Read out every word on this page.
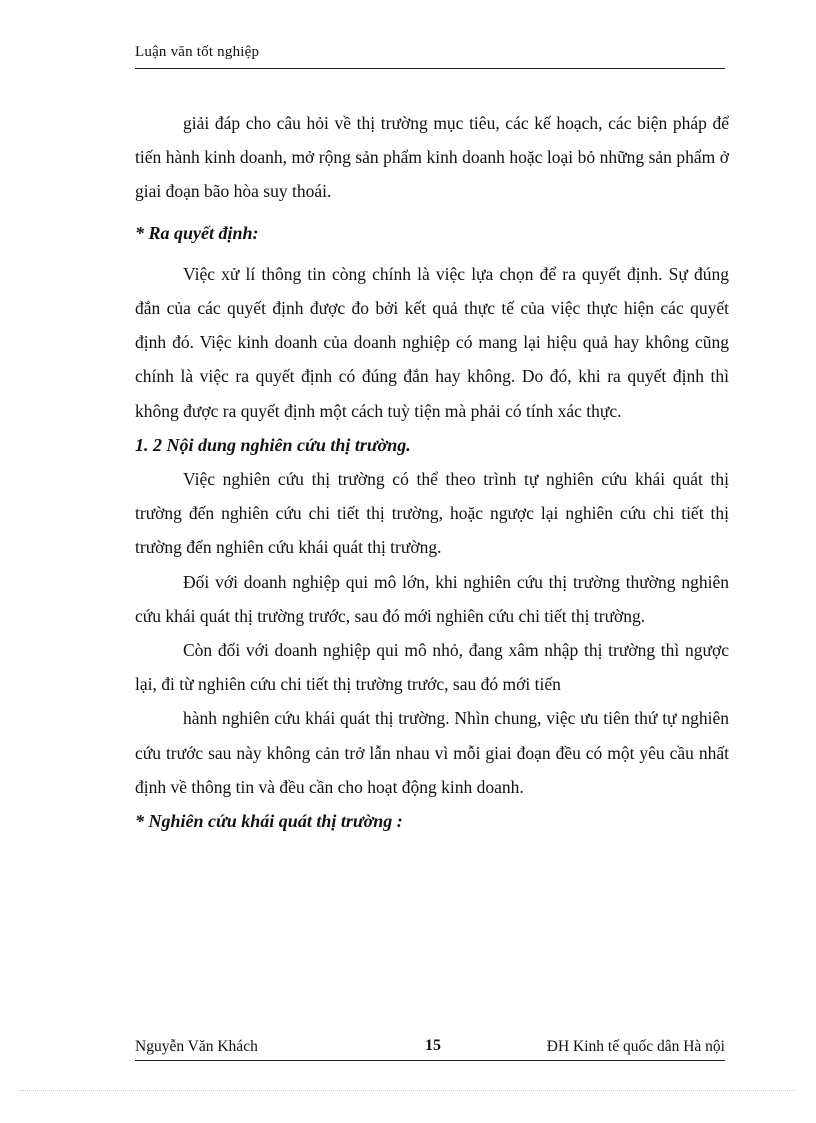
Luận văn tốt nghiệp

giải đáp cho câu hỏi về thị trường mục tiêu, các kế hoạch, các biện pháp để tiến hành kinh doanh, mở rộng sản phẩm kinh doanh hoặc loại bỏ những sản phẩm ở giai đoạn bão hòa suy thoái.

* Ra quyết định:

Việc xử lí thông tin còng chính là việc lựa chọn để ra quyết định. Sự đúng đắn của các quyết định được đo bởi kết quả thực tế của việc thực hiện các quyết định đó. Việc kinh doanh của doanh nghiệp có mang lại hiệu quả hay không cũng chính là việc ra quyết định có đúng đắn hay không. Do đó, khi ra quyết định thì không được ra quyết định một cách tuỳ tiện mà phải có tính xác thực.

1. 2 Nội dung nghiên cứu thị trường.

Việc nghiên cứu thị trường có thể theo trình tự nghiên cứu khái quát thị trường đến nghiên cứu chi tiết thị trường, hoặc ngược lại nghiên cứu chi tiết thị trường đến nghiên cứu khái quát thị trường.

Đối với doanh nghiệp qui mô lớn, khi nghiên cứu thị trường thường nghiên cứu khái quát thị trường trước, sau đó mới nghiên cứu chi tiết thị trường.

Còn đối với doanh nghiệp qui mô nhỏ, đang xâm nhập thị trường thì ngược lại, đi từ nghiên cứu chi tiết thị trường trước, sau đó mới tiến

hành nghiên cứu khái quát thị trường. Nhìn chung, việc ưu tiên thứ tự nghiên cứu trước sau này không cản trở lẫn nhau vì mỗi giai đoạn đều có một yêu cầu nhất định về thông tin và đều cần cho hoạt động kinh doanh.

* Nghiên cứu khái quát thị trường :

Nguyễn Văn Khách	15	ĐH Kinh tế quốc dân Hà nội
